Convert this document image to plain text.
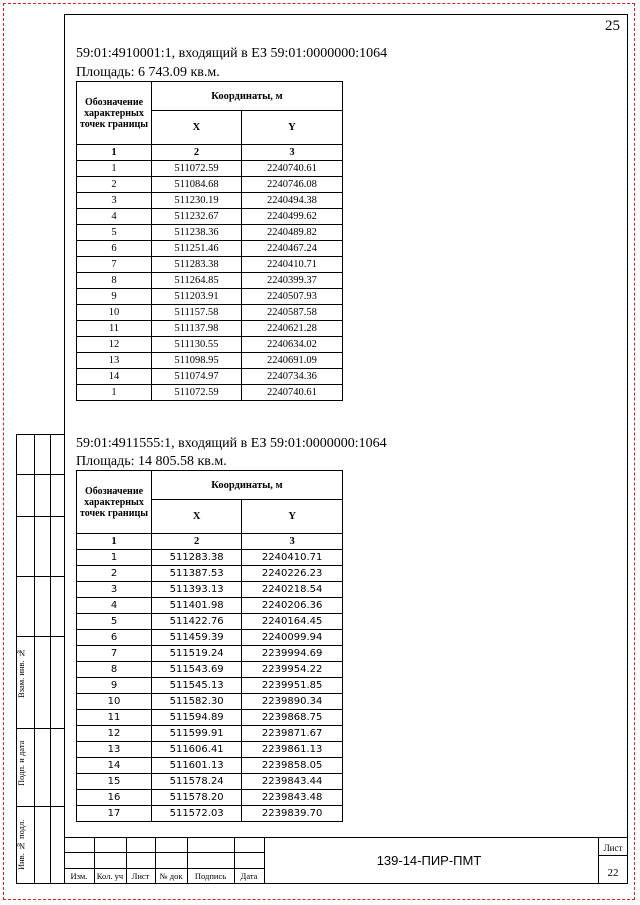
25
59:01:4910001:1, входящий в ЕЗ 59:01:0000000:1064
Площадь: 6 743.09 кв.м.
Обозначение характерных точек границы	Координаты, м	
	X	Y
1	2	3
1	511072.59	2240740.61
2	511084.68	2240746.08
3	511230.19	2240494.38
4	511232.67	2240499.62
5	511238.36	2240489.82
6	511251.46	2240467.24
7	511283.38	2240410.71
8	511264.85	2240399.37
9	511203.91	2240507.93
10	511157.58	2240587.58
11	511137.98	2240621.28
12	511130.55	2240634.02
13	511098.95	2240691.09
14	511074.97	2240734.36
1	511072.59	2240740.61
59:01:4911555:1, входящий в ЕЗ 59:01:0000000:1064
Площадь: 14 805.58 кв.м.
Обозначение характерных точек границы	Координаты, м	
	X	Y
1	2	3
1	511283.38	2240410.71
2	511387.53	2240226.23
3	511393.13	2240218.54
4	511401.98	2240206.36
5	511422.76	2240164.45
6	511459.39	2240099.94
7	511519.24	2239994.69
8	511543.69	2239954.22
9	511545.13	2239951.85
10	511582.30	2239890.34
11	511594.89	2239868.75
12	511599.91	2239871.67
13	511606.41	2239861.13
14	511601.13	2239858.05
15	511578.24	2239843.44
16	511578.20	2239843.48
17	511572.03	2239839.70
Взам. инв. №
Подп. и дата
Инв. № подл.
Изм.	Кол. уч Лист	№ док	Подпись	Дата
139-14-ПИР-ПМТ
Лист
22
